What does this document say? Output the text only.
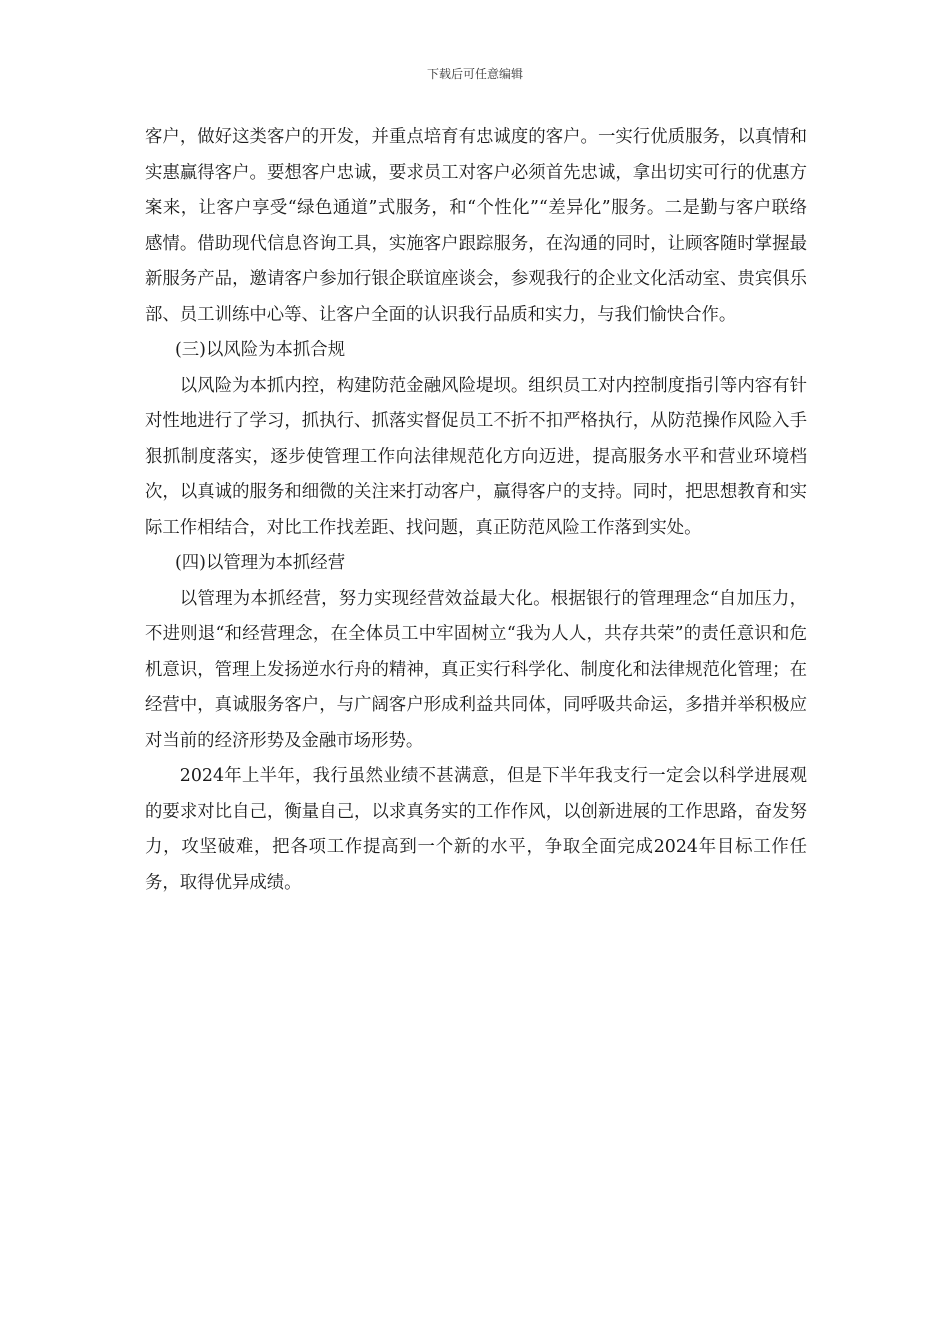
下载后可任意编辑

客户，做好这类客户的开发，并重点培育有忠诚度的客户。一实行优质服务，以真情和实惠赢得客户。要想客户忠诚，要求员工对客户必须首先忠诚，拿出切实可行的优惠方案来，让客户享受“绿色通道”式服务，和“个性化”“差异化”服务。二是勤与客户联络感情。借助现代信息咨询工具，实施客户跟踪服务，在沟通的同时，让顾客随时掌握最新服务产品，邀请客户参加行银企联谊座谈会，参观我行的企业文化活动室、贵宾俱乐部、员工训练中心等、让客户全面的认识我行品质和实力，与我们愉快合作。

(三)以风险为本抓合规

以风险为本抓内控，构建防范金融风险堤坝。组织员工对内控制度指引等内容有针对性地进行了学习，抓执行、抓落实督促员工不折不扣严格执行，从防范操作风险入手狠抓制度落实，逐步使管理工作向法律规范化方向迈进，提高服务水平和营业环境档次，以真诚的服务和细微的关注来打动客户，赢得客户的支持。同时，把思想教育和实际工作相结合，对比工作找差距、找问题，真正防范风险工作落到实处。

(四)以管理为本抓经营

以管理为本抓经营，努力实现经营效益最大化。根据银行的管理理念“自加压力，不进则退“和经营理念，在全体员工中牢固树立“我为人人，共存共荣”的责任意识和危机意识，管理上发扬逆水行舟的精神，真正实行科学化、制度化和法律规范化管理；在经营中，真诚服务客户，与广阔客户形成利益共同体，同呼吸共命运，多措并举积极应对当前的经济形势及金融市场形势。

2024年上半年，我行虽然业绩不甚满意，但是下半年我支行一定会以科学进展观的要求对比自己，衡量自己，以求真务实的工作作风，以创新进展的工作思路，奋发努力，攻坚破难，把各项工作提高到一个新的水平，争取全面完成2024年目标工作任务，取得优异成绩。
